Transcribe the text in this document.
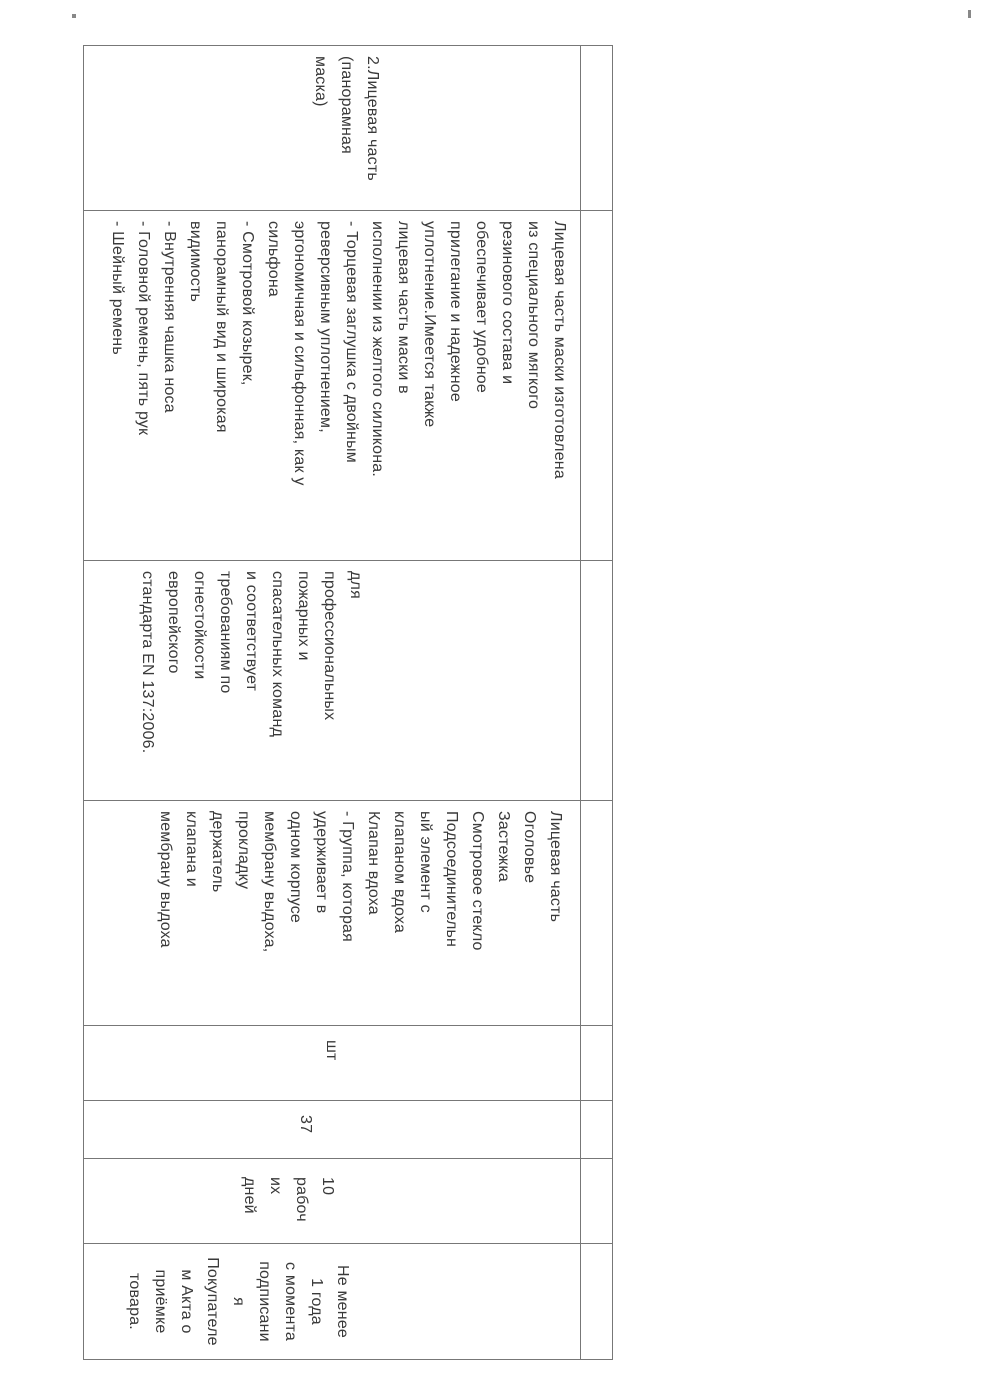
2.Лицевая часть
(панорамная
маска)
Лицевая часть маски изготовлена
из специального мягкого
резинового состава и
обеспечивает удобное
прилегание и надежное
уплотнение.Имеется также
лицевая часть маски в
исполнении из желтого силикона.
- Торцевая заглушка с двойным
реверсивным уплотнением,
эргономичная и сильфонная, как у
сильфона
- Смотровой козырек,
панорамный вид и широкая
видимость
- Внутренняя чашка носа
- Головной ремень, пять рук
- Шейный ремень
для
профессиональных
пожарных и
спасательных команд
и соответствует
требованиям по
огнестойкости
европейского
стандарта EN 137:2006.
Лицевая часть
Оголовье
Застежка
Смотровое стекло
Подсоединительн
ый элемент с
клапаном вдоха
Клапан вдоха
- Группа, которая
удерживает в
одном корпусе
мембрану выдоха,
прокладку
держатель
клапана и
мембрану выдоха
шт
37
10
рабоч
их
дней
Не менее
1 года
с момента
подписани
я
Покупателе
м Акта о
приёмке
товара.
